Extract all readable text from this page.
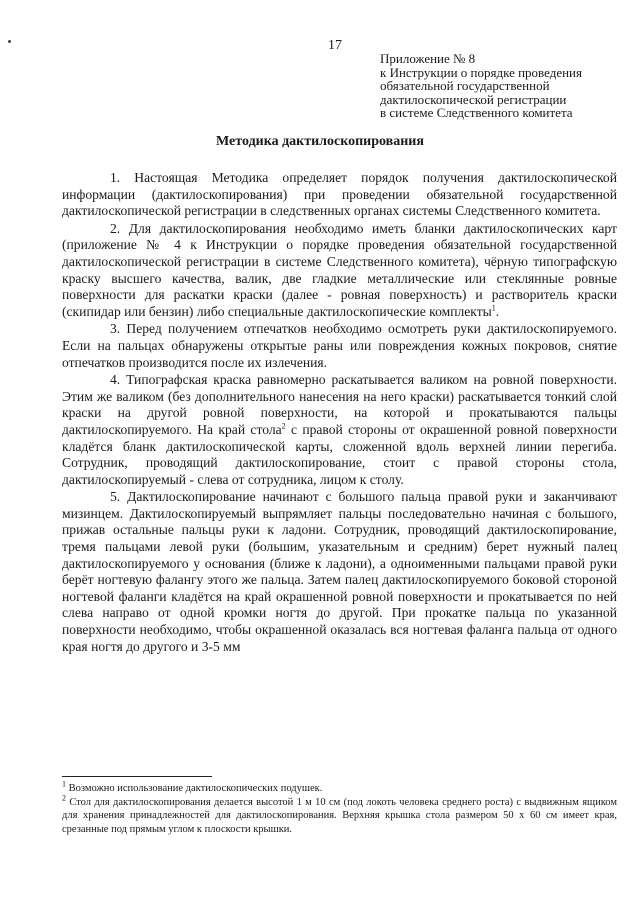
17
Приложение № 8
к Инструкции о порядке проведения
обязательной государственной
дактилоскопической регистрации
в системе Следственного комитета
Методика дактилоскопирования

1. Настоящая Методика определяет порядок получения дактилоскопической информации (дактилоскопирования) при проведении обязательной государственной дактилоскопической регистрации в следственных органах системы Следственного комитета.

2. Для дактилоскопирования необходимо иметь бланки дактилоскопических карт (приложение № 4 к Инструкции о порядке проведения обязательной государственной дактилоскопической регистрации в системе Следственного комитета), чёрную типографскую краску высшего качества, валик, две гладкие металлические или стеклянные ровные поверхности для раскатки краски (далее - ровная поверхность) и растворитель краски (скипидар или бензин) либо специальные дактилоскопические комплекты$^1$.

3. Перед получением отпечатков необходимо осмотреть руки дактилоскопируемого. Если на пальцах обнаружены открытые раны или повреждения кожных покровов, снятие отпечатков производится после их излечения.

4. Типографская краска равномерно раскатывается валиком на ровной поверхности. Этим же валиком (без дополнительного нанесения на него краски) раскатывается тонкий слой краски на другой ровной поверхности, на которой и прокатываются пальцы дактилоскопируемого. На край стола$^2$ с правой стороны от окрашенной ровной поверхности кладётся бланк дактилоскопической карты, сложенной вдоль верхней линии перегиба. Сотрудник, проводящий дактилоскопирование, стоит с правой стороны стола, дактилоскопируемый - слева от сотрудника, лицом к столу.

5. Дактилоскопирование начинают с большого пальца правой руки и заканчивают мизинцем. Дактилоскопируемый выпрямляет пальцы последовательно начиная с большого, прижав остальные пальцы руки к ладони. Сотрудник, проводящий дактилоскопирование, тремя пальцами левой руки (большим, указательным и средним) берет нужный палец дактилоскопируемого у основания (ближе к ладони), а одноименными пальцами правой руки берёт ногтевую фалангу этого же пальца. Затем палец дактилоскопируемого боковой стороной ногтевой фаланги кладётся на край окрашенной ровной поверхности и прокатывается по ней слева направо от одной кромки ногтя до другой. При прокатке пальца по указанной поверхности необходимо, чтобы окрашенной оказалась вся ногтевая фаланга пальца от одного края ногтя до другого и 3-5 мм

$^1$ Возможно использование дактилоскопических подушек.

$^2$ Стол для дактилоскопирования делается высотой 1 м 10 см (под локоть человека среднего роста) с выдвижным ящиком для хранения принадлежностей для дактилоскопирования. Верхняя крышка стола размером 50 х 60 см имеет края, срезанные под прямым углом к плоскости крышки.
